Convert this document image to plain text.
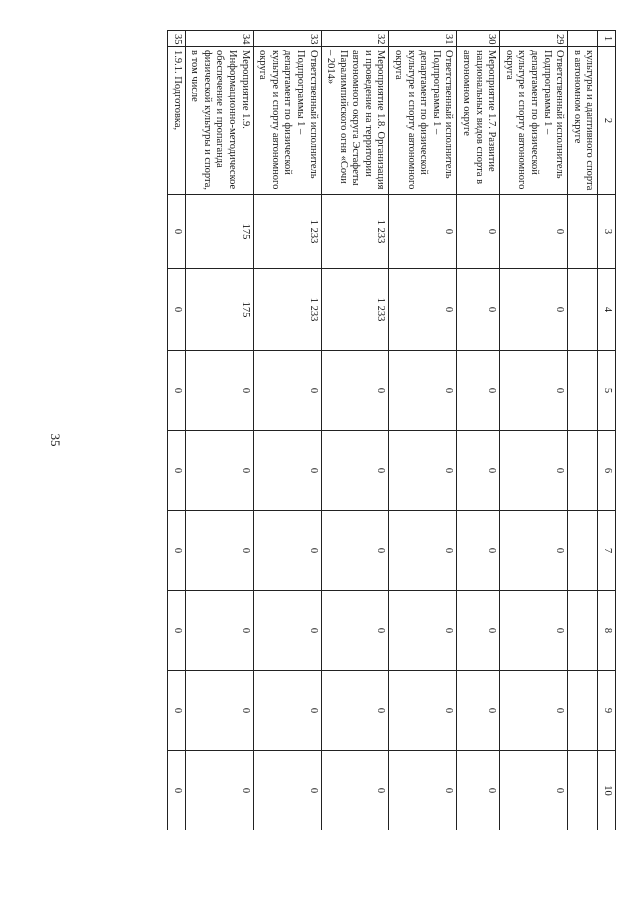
35
1	2	3	4	5	6	7	8	9	10
	культуры и адаптивного спорта в автономном округе								
29	Ответственный исполнитель Подпрограммы 1 – департамент по физической культуре и спорту автономного округа	0	0	0	0	0	0	0	0
30	Мероприятие 1.7. Развитие национальных видов спорта в автономном округе	0	0	0	0	0	0	0	0
31	Ответственный исполнитель Подпрограммы 1 – департамент по физической культуре и спорту автономного округа	0	0	0	0	0	0	0	0
32	Мероприятие 1.8. Организация и проведение на территории автономного округа Эстафеты Паралимпийского огня «Сочи – 2014»	1 233	1 233	0	0	0	0	0	0
33	Ответственный исполнитель Подпрограммы 1 – департамент по физической культуре и спорту автономного округа	1 233	1 233	0	0	0	0	0	0
34	Мероприятие 1.9. Информационно-методическое обеспечение и пропаганда физической культуры и спорта, в том числе	175	175	0	0	0	0	0	0
35	1.9.1. Подготовка,	0	0	0	0	0	0	0	0
